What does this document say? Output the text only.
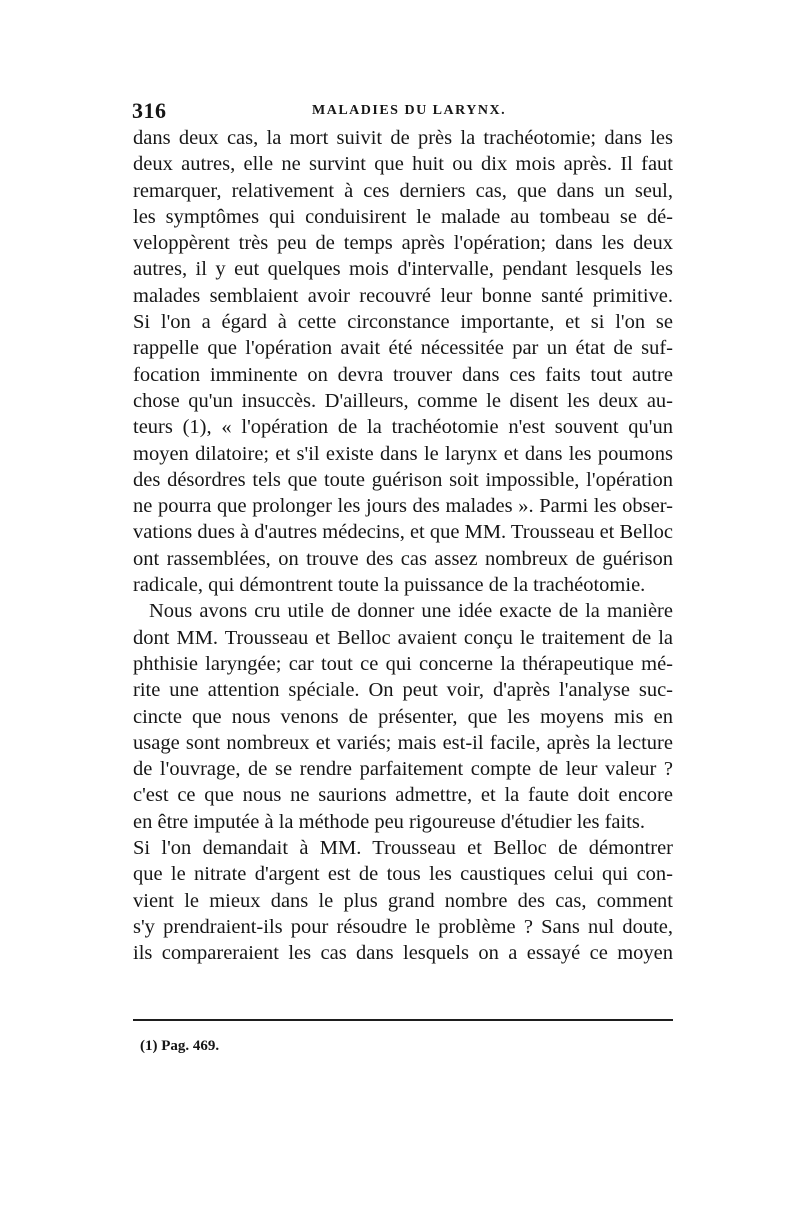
316	MALADIES DU LARYNX.
dans deux cas, la mort suivit de près la trachéotomie; dans les
deux autres, elle ne survint que huit ou dix mois après. Il faut
remarquer, relativement à ces derniers cas, que dans un seul,
les symptômes qui conduisirent le malade au tombeau se dé-
veloppèrent très peu de temps après l'opération; dans les deux
autres, il y eut quelques mois d'intervalle, pendant lesquels les
malades semblaient avoir recouvré leur bonne santé primitive.
Si l'on a égard à cette circonstance importante, et si l'on se
rappelle que l'opération avait été nécessitée par un état de suf-
focation imminente on devra trouver dans ces faits tout autre
chose qu'un insuccès. D'ailleurs, comme le disent les deux au-
teurs (1), « l'opération de la trachéotomie n'est souvent qu'un
moyen dilatoire; et s'il existe dans le larynx et dans les poumons
des désordres tels que toute guérison soit impossible, l'opération
ne pourra que prolonger les jours des malades ». Parmi les obser-
vations dues à d'autres médecins, et que MM. Trousseau et Belloc
ont rassemblées, on trouve des cas assez nombreux de guérison
radicale, qui démontrent toute la puissance de la trachéotomie.
Nous avons cru utile de donner une idée exacte de la manière
dont MM. Trousseau et Belloc avaient conçu le traitement de la
phthisie laryngée; car tout ce qui concerne la thérapeutique mé-
rite une attention spéciale. On peut voir, d'après l'analyse suc-
cincte que nous venons de présenter, que les moyens mis en
usage sont nombreux et variés; mais est-il facile, après la lecture
de l'ouvrage, de se rendre parfaitement compte de leur valeur ?
c'est ce que nous ne saurions admettre, et la faute doit encore
en être imputée à la méthode peu rigoureuse d'étudier les faits.
Si l'on demandait à MM. Trousseau et Belloc de démontrer
que le nitrate d'argent est de tous les caustiques celui qui con-
vient le mieux dans le plus grand nombre des cas, comment
s'y prendraient-ils pour résoudre le problème ? Sans nul doute,
ils compareraient les cas dans lesquels on a essayé ce moyen
(1) Pag. 469.
